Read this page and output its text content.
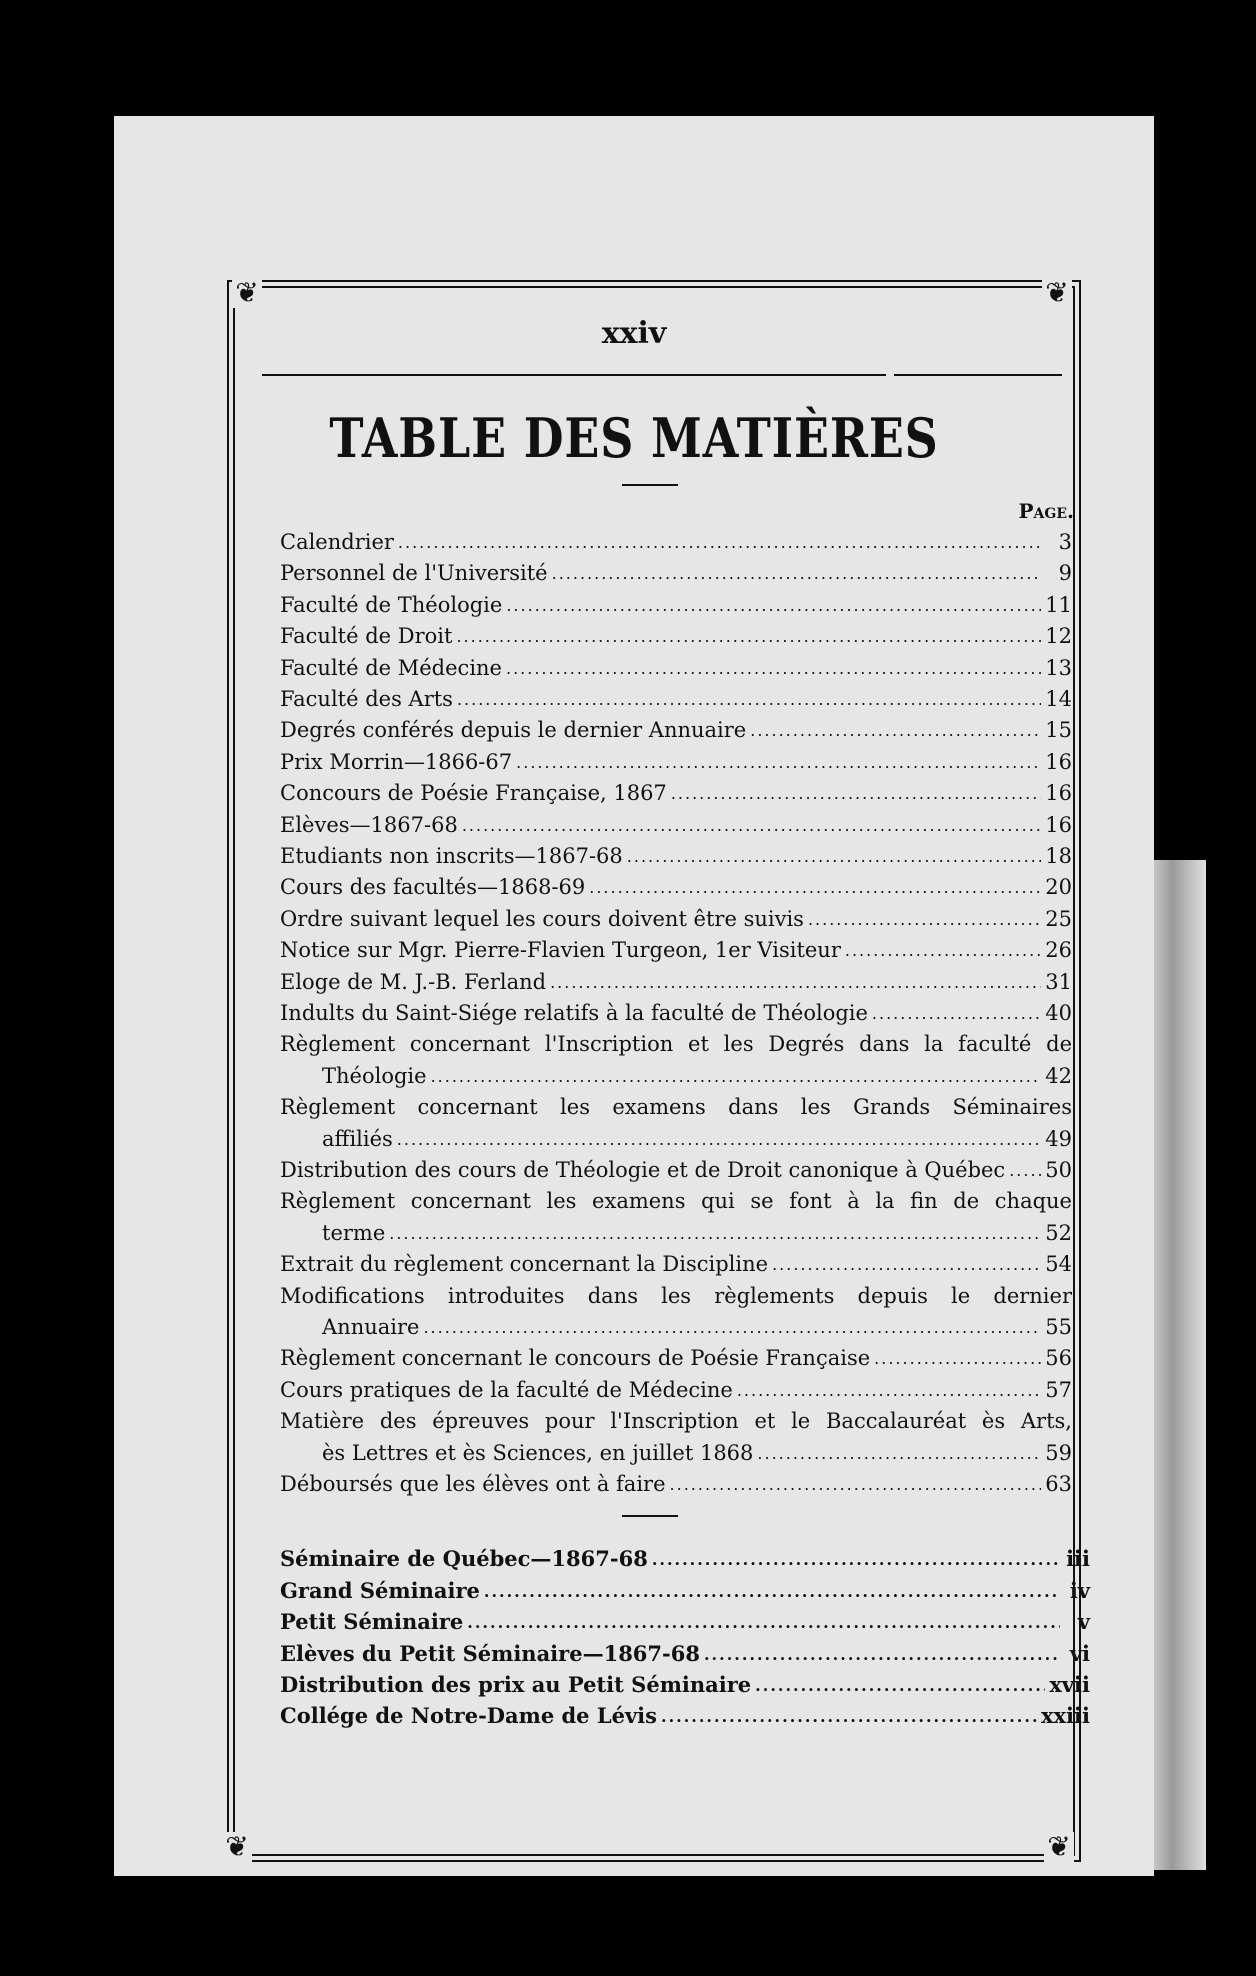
❦	❦
❦	❦
xxiv
TABLE DES MATIÈRES
Page.
Calendrier .....	3
Personnel de l'Université .....	9
Faculté de Théologie .....	11
Faculté de Droit .....	12
Faculté de Médecine .....	13
Faculté des Arts .....	14
Degrés conférés depuis le dernier Annuaire .....	15
Prix Morrin—1866-67 .....	16
Concours de Poésie Française, 1867 .....	16
Elèves—1867-68 .....	16
Etudiants non inscrits—1867-68 .....	18
Cours des facultés—1868-69 .....	20
Ordre suivant lequel les cours doivent être suivis .....	25
Notice sur Mgr. Pierre-Flavien Turgeon, 1er Visiteur .....	26
Eloge de M. J.-B. Ferland .....	31
Indults du Saint-Siége relatifs à la faculté de Théologie .....	40
Règlement concernant l'Inscription et les Degrés dans la faculté de
Théologie .....	42
Règlement concernant les examens dans les Grands Séminaires
affiliés .....	49
Distribution des cours de Théologie et de Droit canonique à Québec ..... 50
Règlement concernant les examens qui se font à la fin de chaque
terme .....	52
Extrait du règlement concernant la Discipline .....	54
Modifications introduites dans les règlements depuis le dernier
Annuaire .....	55
Règlement concernant le concours de Poésie Française .....	56
Cours pratiques de la faculté de Médecine .....	57
Matière des épreuves pour l'Inscription et le Baccalauréat ès Arts,
ès Lettres et ès Sciences, en juillet 1868 .....	59
Déboursés que les élèves ont à faire .....	63
Séminaire de Québec—1867-68 .....	iii
Grand Séminaire .....	iv
Petit Séminaire .....	v
Elèves du Petit Séminaire—1867-68 .....	vi
Distribution des prix au Petit Séminaire .....	xvii
Collége de Notre-Dame de Lévis .....	xxiii
